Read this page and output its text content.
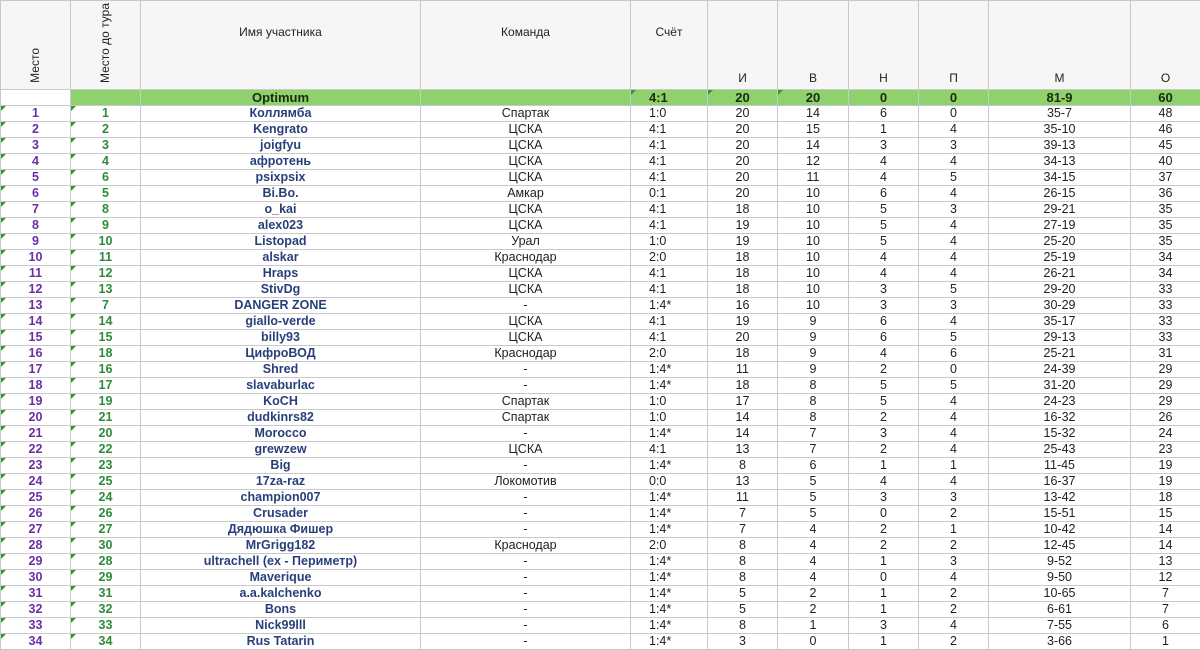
Место	Место до тура	Имя участника	Команда	Счёт	И	В	Н	П	М	О
		Optimum		4:1	20	20	0	0	81-9	60
1	1	Коллямба	Спартак	1:0	20	14	6	0	35-7	48
2	2	Kengrato	ЦСКА	4:1	20	15	1	4	35-10	46
3	3	joigfyu	ЦСКА	4:1	20	14	3	3	39-13	45
4	4	афротень	ЦСКА	4:1	20	12	4	4	34-13	40
5	6	psixpsix	ЦСКА	4:1	20	11	4	5	34-15	37
6	5	Bi.Bo.	Амкар	0:1	20	10	6	4	26-15	36
7	8	o_kai	ЦСКА	4:1	18	10	5	3	29-21	35
8	9	alex023	ЦСКА	4:1	19	10	5	4	27-19	35
9	10	Listopad	Урал	1:0	19	10	5	4	25-20	35
10	11	alskar	Краснодар	2:0	18	10	4	4	25-19	34
11	12	Hraps	ЦСКА	4:1	18	10	4	4	26-21	34
12	13	StivDg	ЦСКА	4:1	18	10	3	5	29-20	33
13	7	DANGER ZONE	-	1:4*	16	10	3	3	30-29	33
14	14	giallo-verde	ЦСКА	4:1	19	9	6	4	35-17	33
15	15	billy93	ЦСКА	4:1	20	9	6	5	29-13	33
16	18	ЦифроВОД	Краснодар	2:0	18	9	4	6	25-21	31
17	16	Shred	-	1:4*	11	9	2	0	24-39	29
18	17	slavaburlac	-	1:4*	18	8	5	5	31-20	29
19	19	KoCH	Спартак	1:0	17	8	5	4	24-23	29
20	21	dudkinrs82	Спартак	1:0	14	8	2	4	16-32	26
21	20	Morocco	-	1:4*	14	7	3	4	15-32	24
22	22	grewzew	ЦСКА	4:1	13	7	2	4	25-43	23
23	23	Big	-	1:4*	8	6	1	1	11-45	19
24	25	17za-raz	Локомотив	0:0	13	5	4	4	16-37	19
25	24	champion007	-	1:4*	11	5	3	3	13-42	18
26	26	Crusader	-	1:4*	7	5	0	2	15-51	15
27	27	Дядюшка Фишер	-	1:4*	7	4	2	1	10-42	14
28	30	MrGrigg182	Краснодар	2:0	8	4	2	2	12-45	14
29	28	ultrachell (ex - Периметр)	-	1:4*	8	4	1	3	9-52	13
30	29	Maverique	-	1:4*	8	4	0	4	9-50	12
31	31	a.a.kalchenko	-	1:4*	5	2	1	2	10-65	7
32	32	Bons	-	1:4*	5	2	1	2	6-61	7
33	33	Nick99lll	-	1:4*	8	1	3	4	7-55	6
34	34	Rus Tatarin	-	1:4*	3	0	1	2	3-66	1
